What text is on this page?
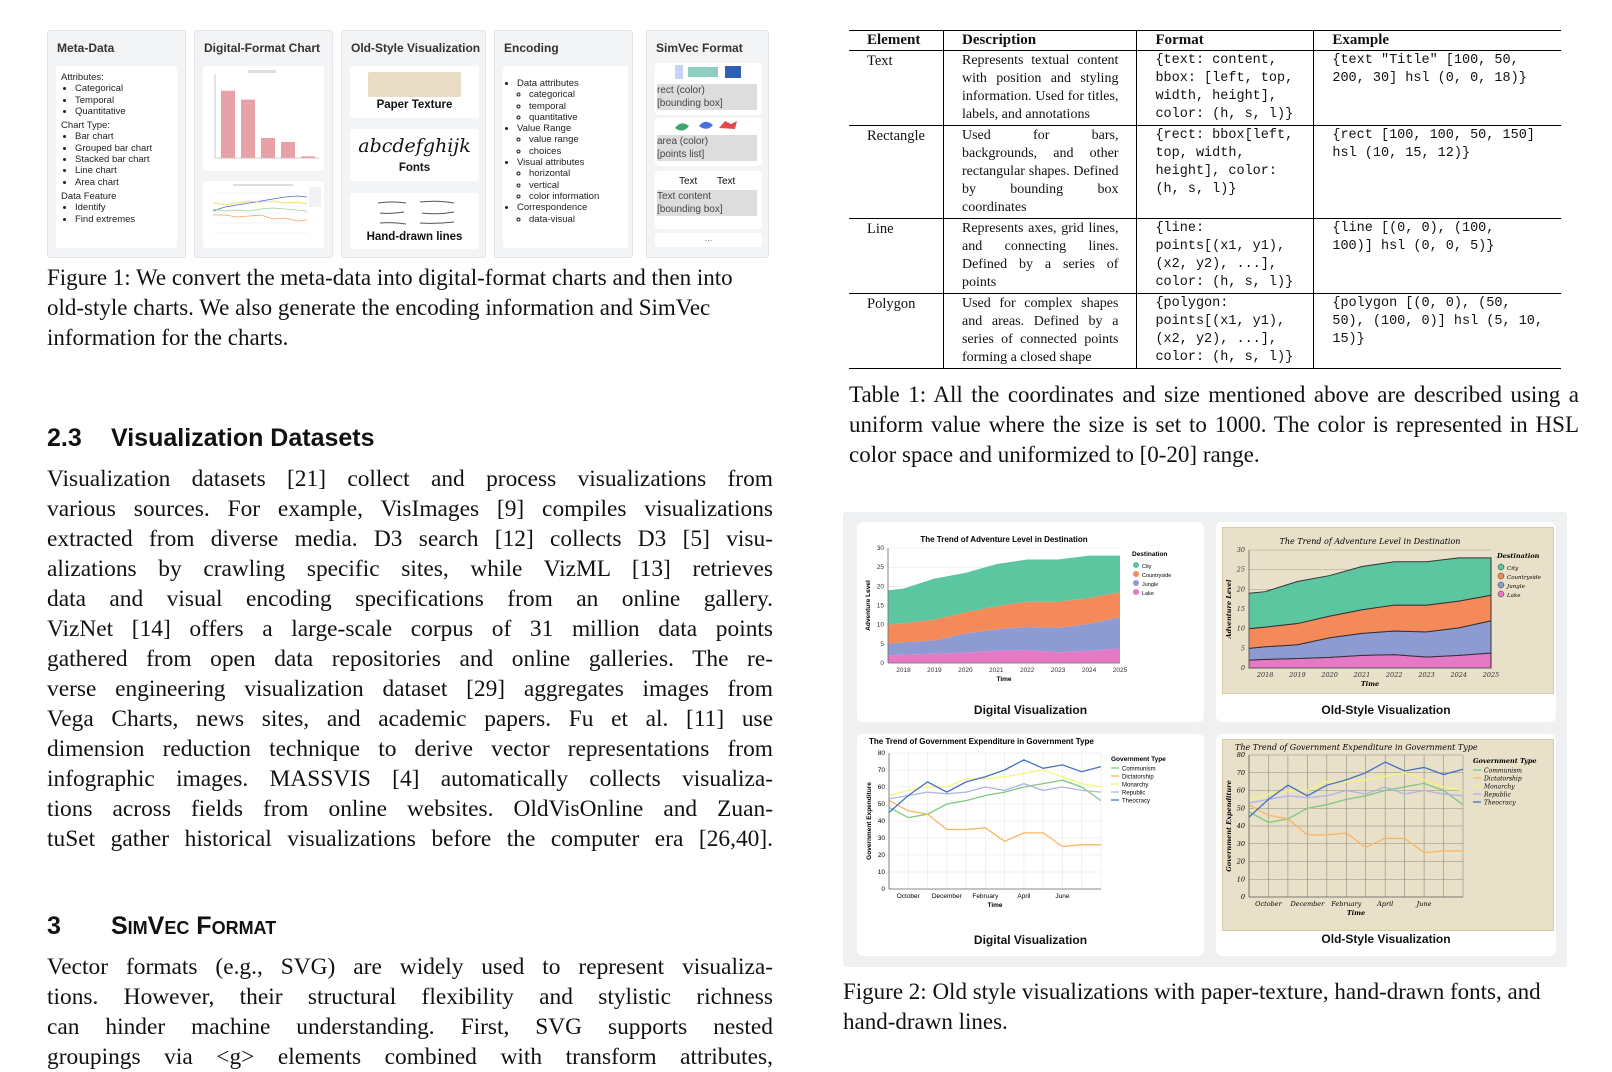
Meta-Data
Attributes:
• Categorical
• Temporal
• Quantitative
Chart Type:
• Bar chart
• Grouped bar chart
• Stacked bar chart
• Line chart
• Area chart
Data Feature
• Identify
• Find extremes
Digital-Format Chart	Old-Style Visualization
Paper Texture
abcdefghijk
Fonts
Hand-drawn lines
Encoding
• Data attributes
◦ categorical
◦ temporal
◦ quantitative
• Value Range
◦ value range
◦ choices
• Visual attributes
◦ horizontal
◦ vertical
◦ color information
• Correspondence
◦ data-visual
SimVec Format
rect (color)
[bounding box]
area (color)
[points list]
Text Text
Text content
[bounding box]
...
Figure 1: We convert the meta-data into digital-format charts and then into old-style charts. We also generate the encoding information and SimVec information for the charts.
2.3 Visualization Datasets
Visualization datasets [21] collect and process visualizations from
various sources. For example, VisImages [9] compiles visualizations
extracted from diverse media. D3 search [12] collects D3 [5] visu-
alizations by crawling specific sites, while VizML [13] retrieves
data and visual encoding specifications from an online gallery.
VizNet [14] offers a large-scale corpus of 31 million data points
gathered from open data repositories and online galleries. The re-
verse engineering visualization dataset [29] aggregates images from
Vega Charts, news sites, and academic papers. Fu et al. [11] use
dimension reduction technique to derive vector representations from
infographic images. MASSVIS [4] automatically collects visualiza-
tions across fields from online websites. OldVisOnline and Zuan-
tuSet gather historical visualizations before the computer era [26,40].
3 SimVec Format
Vector formats (e.g., SVG) are widely used to represent visualiza-
tions. However, their structural flexibility and stylistic richness
can hinder machine understanding. First, SVG supports nested
groupings via <g> elements combined with transform attributes,
Element	Description	Format	Example
Text	Represents textual content with position and styling information. Used for titles, labels, and annotations	{text: content,
bbox: [left, top,
width, height],
color: (h, s, l)}	{text "Title" [100, 50,
200, 30] hsl (0, 0, 18)}
Rectangle	Used for bars, backgrounds, and other rectangular shapes. Defined by bounding box coordinates	{rect: bbox[left,
top, width,
height], color:
(h, s, l)}	{rect [100, 100, 50, 150]
hsl (10, 15, 12)}
Line	Represents axes, grid lines, and connecting lines. Defined by a series of points	{line:
points[(x1, y1),
(x2, y2), ...],
color: (h, s, l)}	{line [(0, 0), (100,
100)] hsl (0, 0, 5)}
Polygon	Used for complex shapes and areas. Defined by a series of connected points forming a closed shape	{polygon:
points[(x1, y1),
(x2, y2), ...],
color: (h, s, l)}	{polygon [(0, 0), (50,
50), (100, 0)] hsl (5, 10,
15)}
Table 1: All the coordinates and size mentioned above are described using a uniform value where the size is set to 1000. The color is represented in HSL color space and uniformized to [0-20] range.
0
5
10
15
20
25
30
2018	2019	2020	2021	2022	2023	2024	2025
The Trend of Adventure Level in Destination
Time
Adventure Level
Destination
City
Countryside
Jungle
Lake
Digital Visualization
0
5
10
15
20
25
30
2018 2019 2020 2021 2022 2023 2024 2025
The Trend of Adventure Level in Destination
Time
Adventure Level
Destination
City
Countryside
Jungle
Lake
Old-Style Visualization
0
10
20
30
40
50
60
70
80
October December February	April	June
The Trend of Government Expenditure in Government Type
Time
Government Expenditure
Government Type
Communism
Dictatorship
Monarchy
Republic
Theocracy
Digital Visualization
0
10
20
30
40
50
60
70
80
October December February April	June
The Trend of Government Expenditure in Government Type
Time
Government Expenditure
Government Type
Communism
Dictatorship
Monarchy
Republic
Theocracy
Old-Style Visualization
Figure 2: Old style visualizations with paper-texture, hand-drawn fonts, and hand-drawn lines.
